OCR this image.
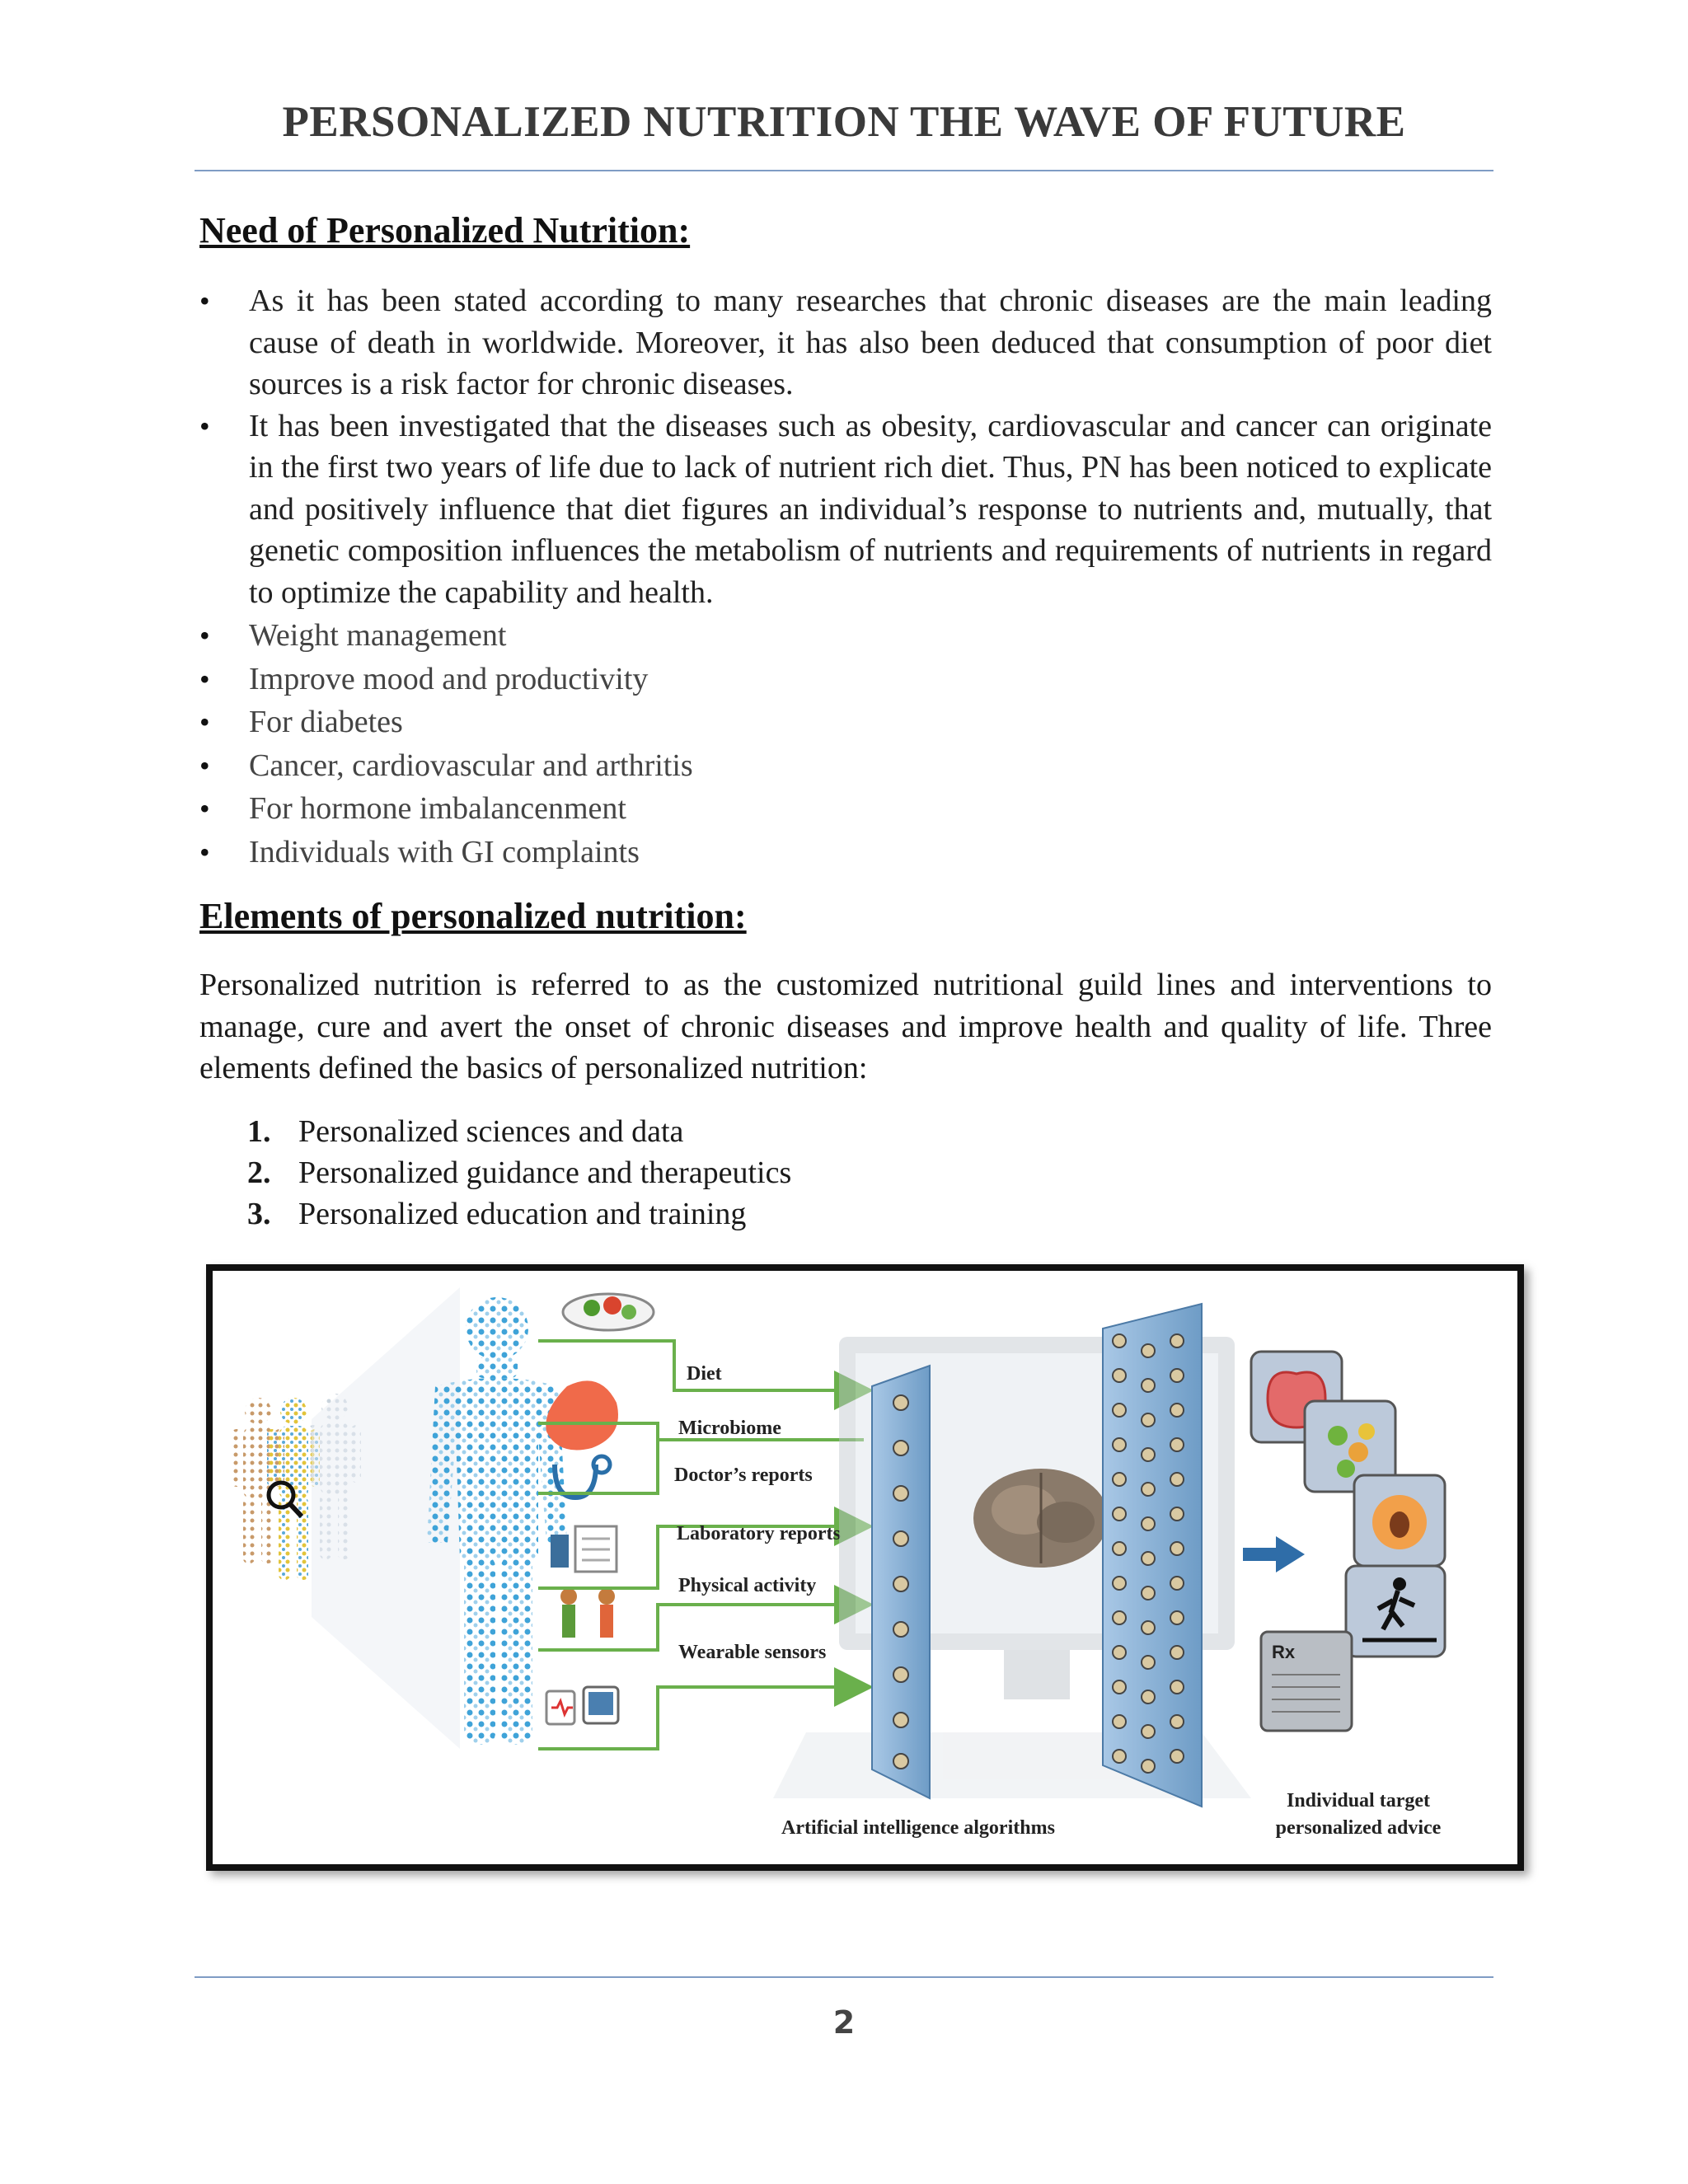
PERSONALIZED NUTRITION THE WAVE OF FUTURE
Need of Personalized Nutrition:
• As it has been stated according to many researches that chronic diseases are the main leading cause of death in worldwide. Moreover, it has also been deduced that consumption of poor diet sources is a risk factor for chronic diseases.
• It has been investigated that the diseases such as obesity, cardiovascular and cancer can originate in the first two years of life due to lack of nutrient rich diet. Thus, PN has been noticed to explicate and positively influence that diet figures an individual’s response to nutrients and, mutually, that genetic composition influences the metabolism of nutrients and requirements of nutrients in regard to optimize the capability and health.
• Weight management
• Improve mood and productivity
• For diabetes
• Cancer, cardiovascular and arthritis
• For hormone imbalancenment
• Individuals with GI complaints
Elements of personalized nutrition:

Personalized nutrition is referred to as the customized nutritional guild lines and interventions to manage, cure and avert the onset of chronic diseases and improve health and quality of life. Three elements defined the basics of personalized nutrition:

1. Personalized sciences and data
2. Personalized guidance and therapeutics
3. Personalized education and training
Diet
Microbiome
Doctor’s reports
Laboratory reports
Physical activity
Wearable sensors	Rx
Artificial intelligence algorithms
Individual target
personalized advice
2
